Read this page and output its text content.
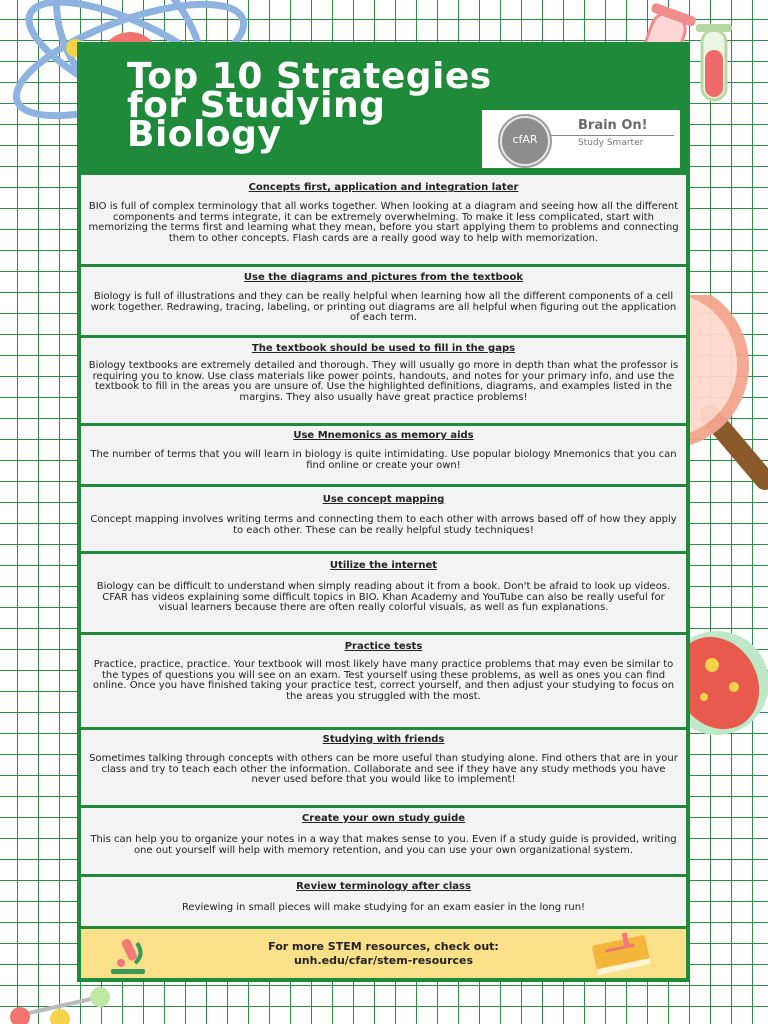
Top 10 Strategies
for Studying
Biology	cfAR
Brain On!
Study Smarter
Concepts first, application and integration later

BIO is full of complex terminology that all works together. When looking at a diagram and seeing how all the different components and terms integrate, it can be extremely overwhelming. To make it less complicated, start with memorizing the terms first and learning what they mean, before you start applying them to problems and connecting them to other concepts. Flash cards are a really good way to help with memorization.

Use the diagrams and pictures from the textbook

Biology is full of illustrations and they can be really helpful when learning how all the different components of a cell work together. Redrawing, tracing, labeling, or printing out diagrams are all helpful when figuring out the application of each term.

The textbook should be used to fill in the gaps

Biology textbooks are extremely detailed and thorough. They will usually go more in depth than what the professor is requiring you to know. Use class materials like power points, handouts, and notes for your primary info, and use the textbook to fill in the areas you are unsure of. Use the highlighted definitions, diagrams, and examples listed in the margins. They also usually have great practice problems!

Use Mnemonics as memory aids

The number of terms that you will learn in biology is quite intimidating. Use popular biology Mnemonics that you can find online or create your own!

Use concept mapping

Concept mapping involves writing terms and connecting them to each other with arrows based off of how they apply to each other. These can be really helpful study techniques!

Utilize the internet

Biology can be difficult to understand when simply reading about it from a book. Don't be afraid to look up videos. CFAR has videos explaining some difficult topics in BIO. Khan Academy and YouTube can also be really useful for visual learners because there are often really colorful visuals, as well as fun explanations.

Practice tests

Practice, practice, practice. Your textbook will most likely have many practice problems that may even be similar to the types of questions you will see on an exam. Test yourself using these problems, as well as ones you can find online. Once you have finished taking your practice test, correct yourself, and then adjust your studying to focus on the areas you struggled with the most.

Studying with friends

Sometimes talking through concepts with others can be more useful than studying alone. Find others that are in your class and try to teach each other the information. Collaborate and see if they have any study methods you have never used before that you would like to implement!

Create your own study guide

This can help you to organize your notes in a way that makes sense to you. Even if a study guide is provided, writing one out yourself will help with memory retention, and you can use your own organizational system.

Review terminology after class

Reviewing in small pieces will make studying for an exam easier in the long run!

For more STEM resources, check out:
unh.edu/cfar/stem-resources
